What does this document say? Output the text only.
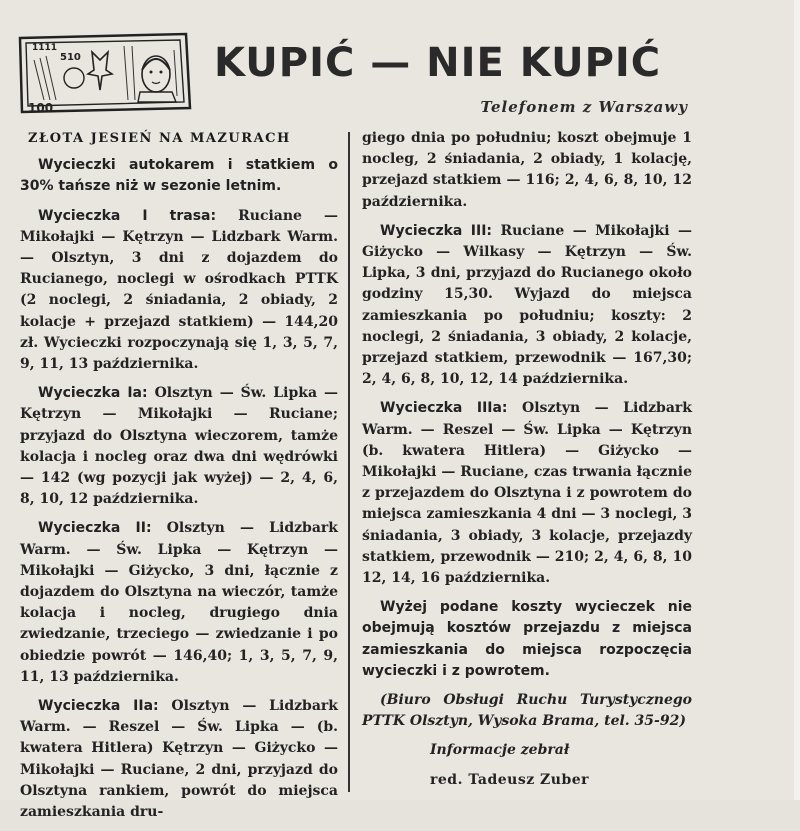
1111
510
100
KUPIĆ — NIE KUPIĆ
Telefonem z Warszawy
ZŁOTA JESIEŃ NA MAZURACH

Wycieczki autokarem i statkiem o 30% tańsze niż w sezonie letnim.

Wycieczka I trasa: Ruciane — Mikołajki — Kętrzyn — Lidzbark Warm. — Olsztyn, 3 dni z dojazdem do Rucianego, noclegi w ośrodkach PTTK (2 noclegi, 2 śniadania, 2 obiady, 2 kolacje + przejazd statkiem) — 144,20 zł. Wycieczki rozpoczynają się 1, 3, 5, 7, 9, 11, 13 października.

Wycieczka Ia: Olsztyn — Św. Lipka — Kętrzyn — Mikołajki — Ruciane; przyjazd do Olsztyna wieczorem, tamże kolacja i nocleg oraz dwa dni wędrówki — 142 (wg pozycji jak wyżej) — 2, 4, 6, 8, 10, 12 października.

Wycieczka II: Olsztyn — Lidzbark Warm. — Św. Lipka — Kętrzyn — Mikołajki — Giżycko, 3 dni, łącznie z dojazdem do Olsztyna na wieczór, tamże kolacja i nocleg, drugiego dnia zwiedzanie, trzeciego — zwiedzanie i po obiedzie powrót — 146,40; 1, 3, 5, 7, 9, 11, 13 października.

Wycieczka IIa: Olsztyn — Lidzbark Warm. — Reszel — Św. Lipka — (b. kwatera Hitlera) Kętrzyn — Giżycko — Mikołajki — Ruciane, 2 dni, przyjazd do Olsztyna rankiem, powrót do miejsca zamieszkania dru-

giego dnia po południu; koszt obejmuje 1 nocleg, 2 śniadania, 2 obiady, 1 kolację, przejazd statkiem — 116; 2, 4, 6, 8, 10, 12 października.

Wycieczka III: Ruciane — Mikołajki — Giżycko — Wilkasy — Kętrzyn — Św. Lipka, 3 dni, przyjazd do Rucianego około godziny 15,30. Wyjazd do miejsca zamieszkania po południu; koszty: 2 noclegi, 2 śniadania, 3 obiady, 2 kolacje, przejazd statkiem, przewodnik — 167,30; 2, 4, 6, 8, 10, 12, 14 października.

Wycieczka IIIa: Olsztyn — Lidzbark Warm. — Reszel — Św. Lipka — Kętrzyn (b. kwatera Hitlera) — Giżycko — Mikołajki — Ruciane, czas trwania łącznie z przejazdem do Olsztyna i z powrotem do miejsca zamieszkania 4 dni — 3 noclegi, 3 śniadania, 3 obiady, 3 kolacje, przejazdy statkiem, przewodnik — 210; 2, 4, 6, 8, 10 12, 14, 16 października.

Wyżej podane koszty wycieczek nie obejmują kosztów przejazdu z miejsca zamieszkania do miejsca rozpoczęcia wycieczki i z powrotem.

(Biuro Obsługi Ruchu Turystycznego PTTK Olsztyn, Wysoka Brama, tel. 35-92)

Informacje zebrał

red. Tadeusz Zuber
